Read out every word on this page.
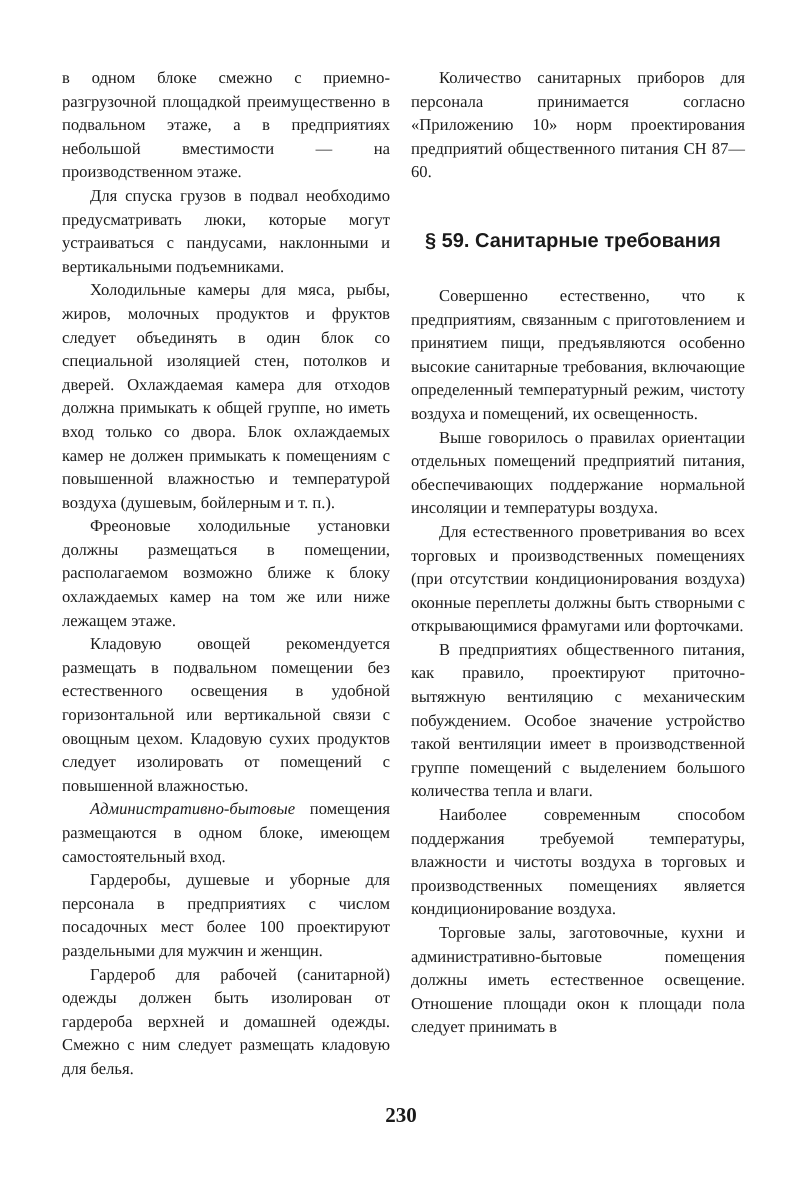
в одном блоке смежно с приемно-разгрузочной площадкой преимущественно в подвальном этаже, а в предприятиях небольшой вместимости — на производственном этаже.

Для спуска грузов в подвал необходимо предусматривать люки, которые могут устраиваться с пандусами, наклонными и вертикальными подъемниками.

Холодильные камеры для мяса, рыбы, жиров, молочных продуктов и фруктов следует объединять в один блок со специальной изоляцией стен, потолков и дверей. Охлаждаемая камера для отходов должна примыкать к общей группе, но иметь вход только со двора. Блок охлаждаемых камер не должен примыкать к помещениям с повышенной влажностью и температурой воздуха (душевым, бойлерным и т. п.).

Фреоновые холодильные установки должны размещаться в помещении, располагаемом возможно ближе к блоку охлаждаемых камер на том же или ниже лежащем этаже.

Кладовую овощей рекомендуется размещать в подвальном помещении без естественного освещения в удобной горизонтальной или вертикальной связи с овощным цехом. Кладовую сухих продуктов следует изолировать от помещений с повышенной влажностью.

Административно-бытовые помещения размещаются в одном блоке, имеющем самостоятельный вход.

Гардеробы, душевые и уборные для персонала в предприятиях с числом посадочных мест более 100 проектируют раздельными для мужчин и женщин.

Гардероб для рабочей (санитарной) одежды должен быть изолирован от гардероба верхней и домашней одежды. Смежно с ним следует размещать кладовую для белья.

Количество санитарных приборов для персонала принимается согласно «Приложению 10» норм проектирования предприятий общественного питания СН 87—60.

§ 59. Санитарные требования

Совершенно естественно, что к предприятиям, связанным с приготовлением и принятием пищи, предъявляются особенно высокие санитарные требования, включающие определенный температурный режим, чистоту воздуха и помещений, их освещенность.

Выше говорилось о правилах ориентации отдельных помещений предприятий питания, обеспечивающих поддержание нормальной инсоляции и температуры воздуха.

Для естественного проветривания во всех торговых и производственных помещениях (при отсутствии кондиционирования воздуха) оконные переплеты должны быть створными с открывающимися фрамугами или форточками.

В предприятиях общественного питания, как правило, проектируют приточно-вытяжную вентиляцию с механическим побуждением. Особое значение устройство такой вентиляции имеет в производственной группе помещений с выделением большого количества тепла и влаги.

Наиболее современным способом поддержания требуемой температуры, влажности и чистоты воздуха в торговых и производственных помещениях является кондиционирование воздуха.

Торговые залы, заготовочные, кухни и административно-бытовые помещения должны иметь естественное освещение. Отношение площади окон к площади пола следует принимать в

230
